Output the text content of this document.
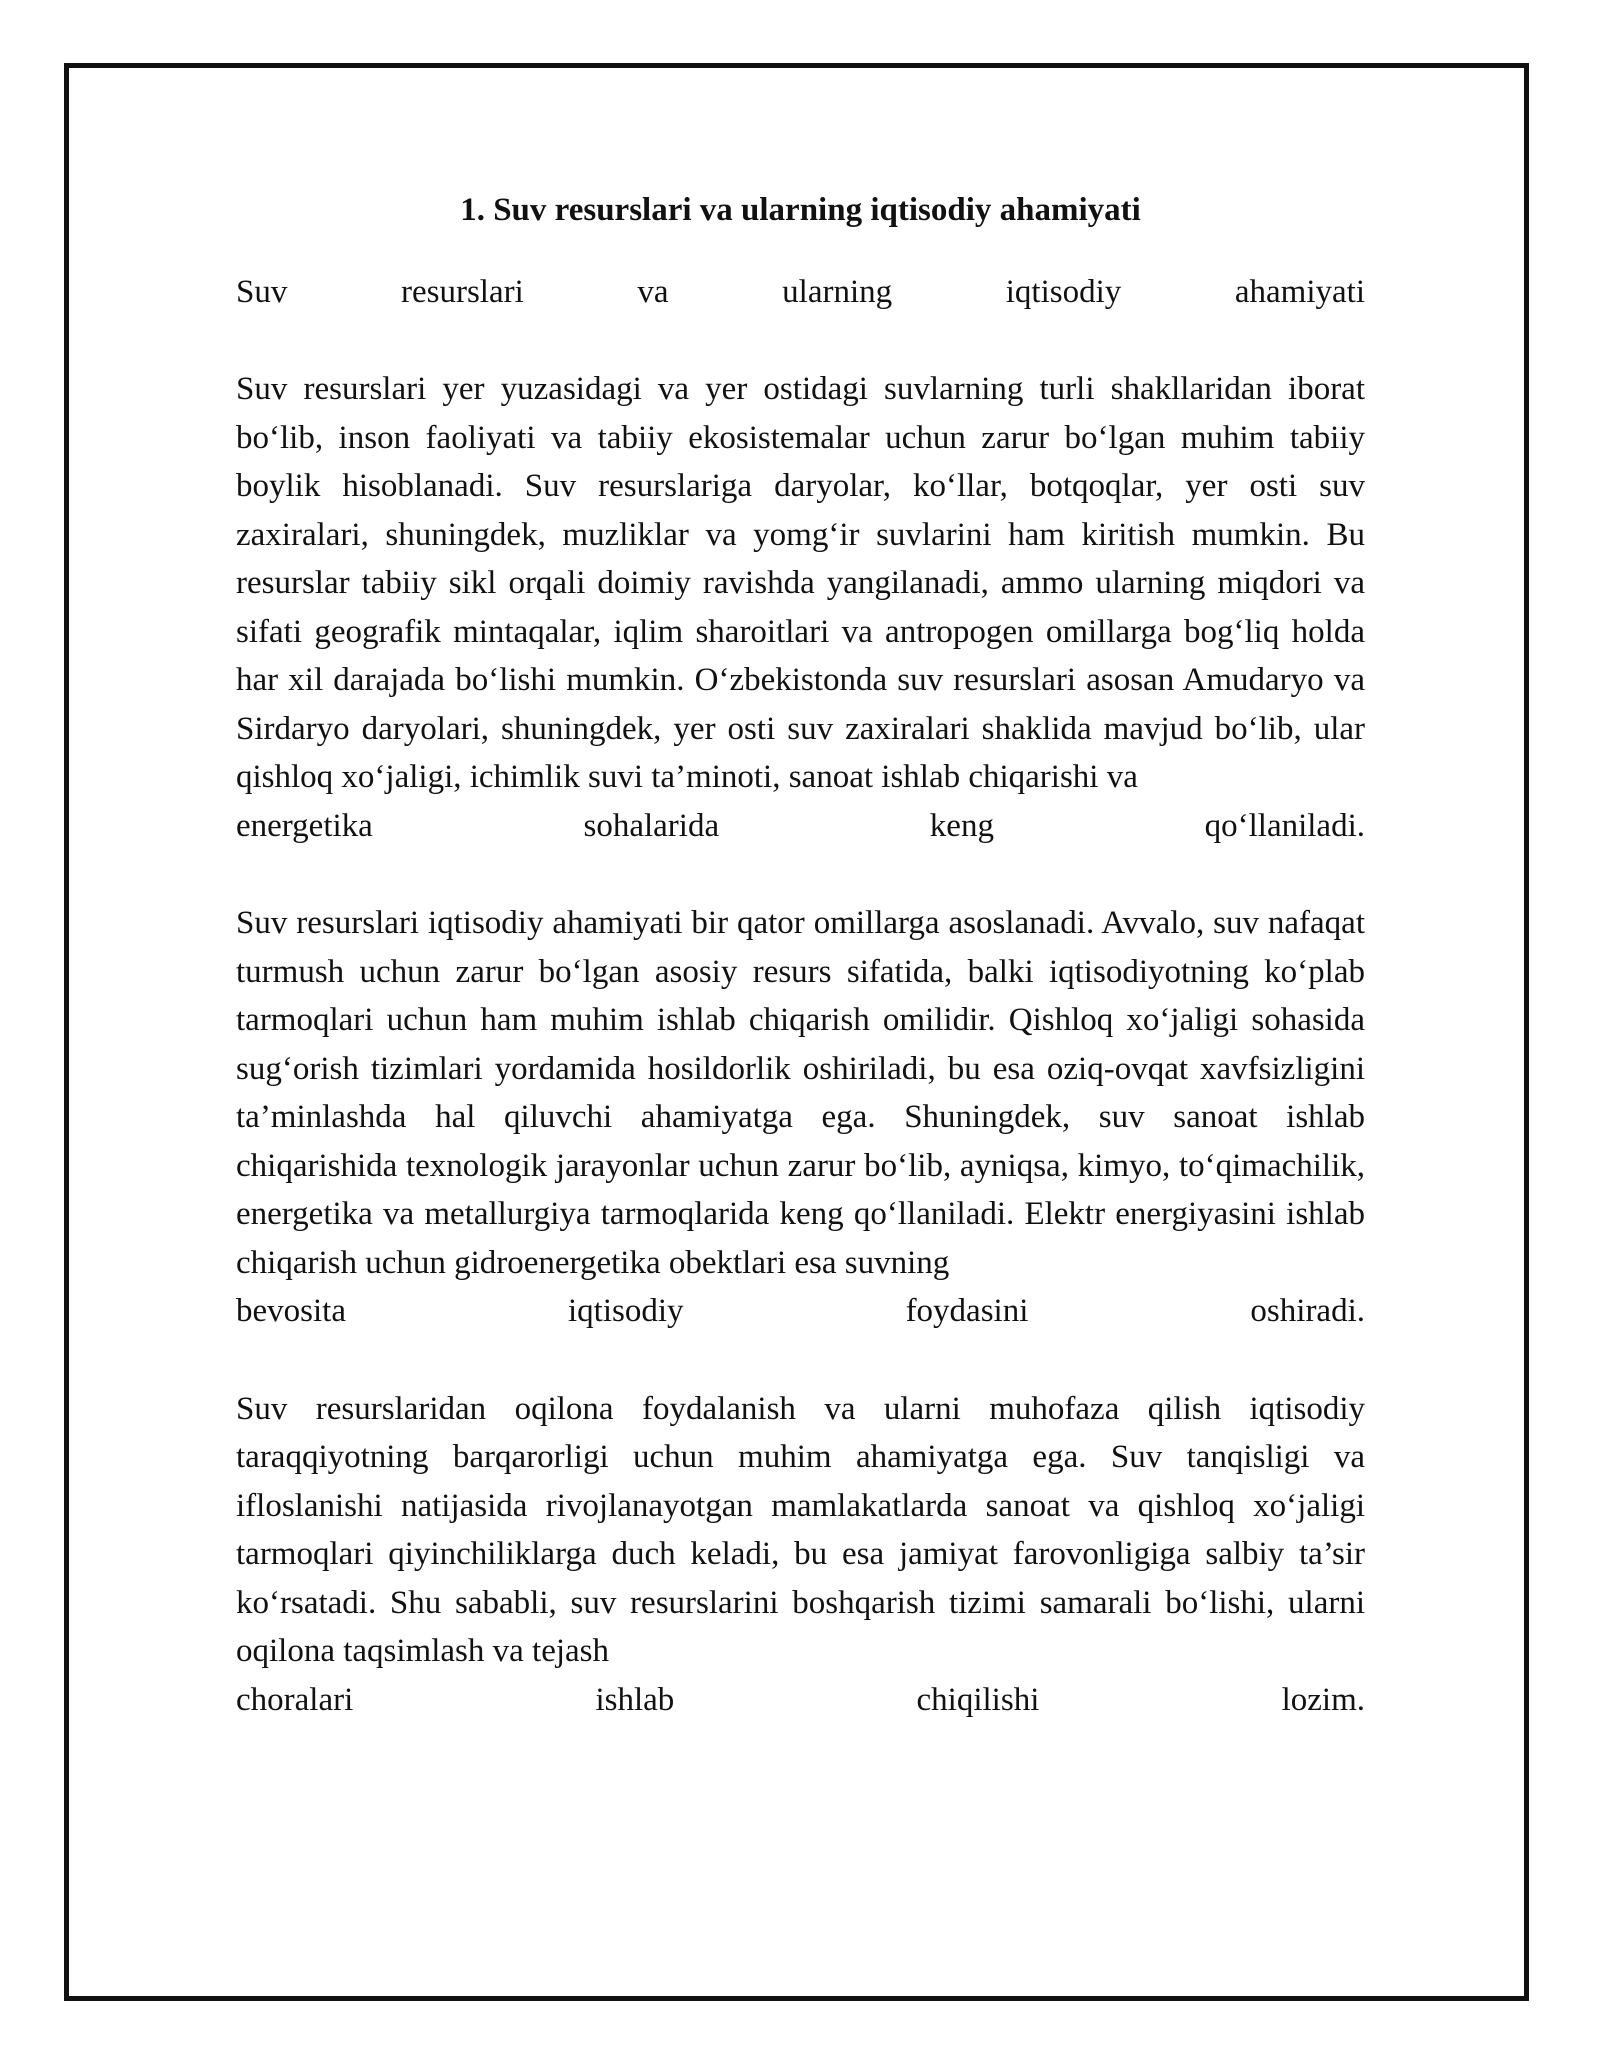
1. Suv resurslari va ularning iqtisodiy ahamiyati

Suv resurslari va ularning iqtisodiy ahamiyati

Suv resurslari yer yuzasidagi va yer ostidagi suvlarning turli shakllaridan iborat bo‘lib, inson faoliyati va tabiiy ekosistemalar uchun zarur bo‘lgan muhim tabiiy boylik hisoblanadi. Suv resurslariga daryolar, ko‘llar, botqoqlar, yer osti suv zaxiralari, shuningdek, muzliklar va yomg‘ir suvlarini ham kiritish mumkin. Bu resurslar tabiiy sikl orqali doimiy ravishda yangilanadi, ammo ularning miqdori va sifati geografik mintaqalar, iqlim sharoitlari va antropogen omillarga bog‘liq holda har xil darajada bo‘lishi mumkin. O‘zbekistonda suv resurslari asosan Amudaryo va Sirdaryo daryolari, shuningdek, yer osti suv zaxiralari shaklida mavjud bo‘lib, ular qishloq xo‘jaligi, ichimlik suvi ta’minoti, sanoat ishlab chiqarishi va
energetika sohalarida keng qo‘llaniladi.

Suv resurslari iqtisodiy ahamiyati bir qator omillarga asoslanadi. Avvalo, suv nafaqat turmush uchun zarur bo‘lgan asosiy resurs sifatida, balki iqtisodiyotning ko‘plab tarmoqlari uchun ham muhim ishlab chiqarish omilidir. Qishloq xo‘jaligi sohasida sug‘orish tizimlari yordamida hosildorlik oshiriladi, bu esa oziq-ovqat xavfsizligini ta’minlashda hal qiluvchi ahamiyatga ega. Shuningdek, suv sanoat ishlab chiqarishida texnologik jarayonlar uchun zarur bo‘lib, ayniqsa, kimyo, to‘qimachilik, energetika va metallurgiya tarmoqlarida keng qo‘llaniladi. Elektr energiyasini ishlab chiqarish uchun gidroenergetika obektlari esa suvning
bevosita iqtisodiy foydasini oshiradi.

Suv resurslaridan oqilona foydalanish va ularni muhofaza qilish iqtisodiy taraqqiyotning barqarorligi uchun muhim ahamiyatga ega. Suv tanqisligi va ifloslanishi natijasida rivojlanayotgan mamlakatlarda sanoat va qishloq xo‘jaligi tarmoqlari qiyinchiliklarga duch keladi, bu esa jamiyat farovonligiga salbiy ta’sir ko‘rsatadi. Shu sababli, suv resurslarini boshqarish tizimi samarali bo‘lishi, ularni oqilona taqsimlash va tejash
choralari ishlab chiqilishi lozim.
